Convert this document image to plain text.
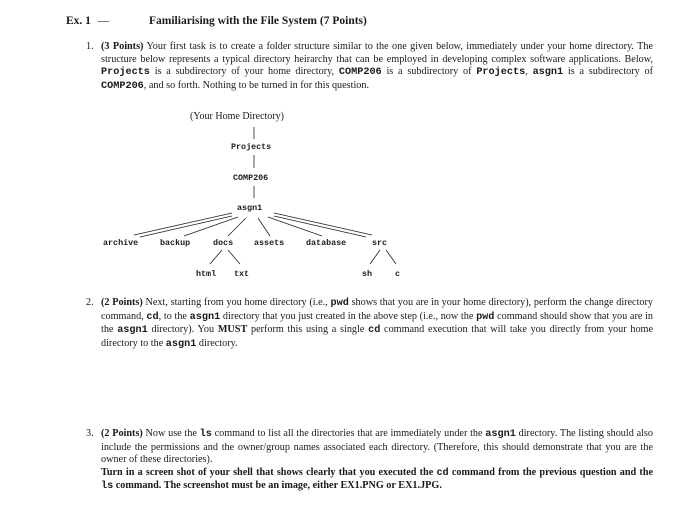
Ex. 1 —	Familiarising with the File System (7 Points)
1. (3 Points) Your first task is to create a folder structure similar to the one given below, immediately under your home directory. The structure below represents a typical directory heirarchy that can be employed in developing complex software applications. Below, Projects is a subdirectory of your home directory, COMP206 is a subdirectory of Projects, asgn1 is a subdirectory of COMP206, and so forth. Nothing to be turned in for this question.
(Your Home Directory)
Projects
COMP206
asgn1
archive	backup	docs assets	database	src
html txt	sh	c
2. (2 Points) Next, starting from you home directory (i.e., pwd shows that you are in your home directory), perform the change directory command, cd, to the asgn1 directory that you just created in the above step (i.e., now the pwd command should show that you are in the asgn1 directory). You MUST perform this using a single cd command execution that will take you directly from your home directory to the asgn1 directory.
3. (2 Points) Now use the ls command to list all the directories that are immediately under the asgn1 directory. The listing should also include the permissions and the owner/group names associated each directory. (Therefore, this should demonstrate that you are the owner of these directories).
Turn in a screen shot of your shell that shows clearly that you executed the cd command from the previous question and the ls command. The screenshot must be an image, either EX1.PNG or EX1.JPG.
